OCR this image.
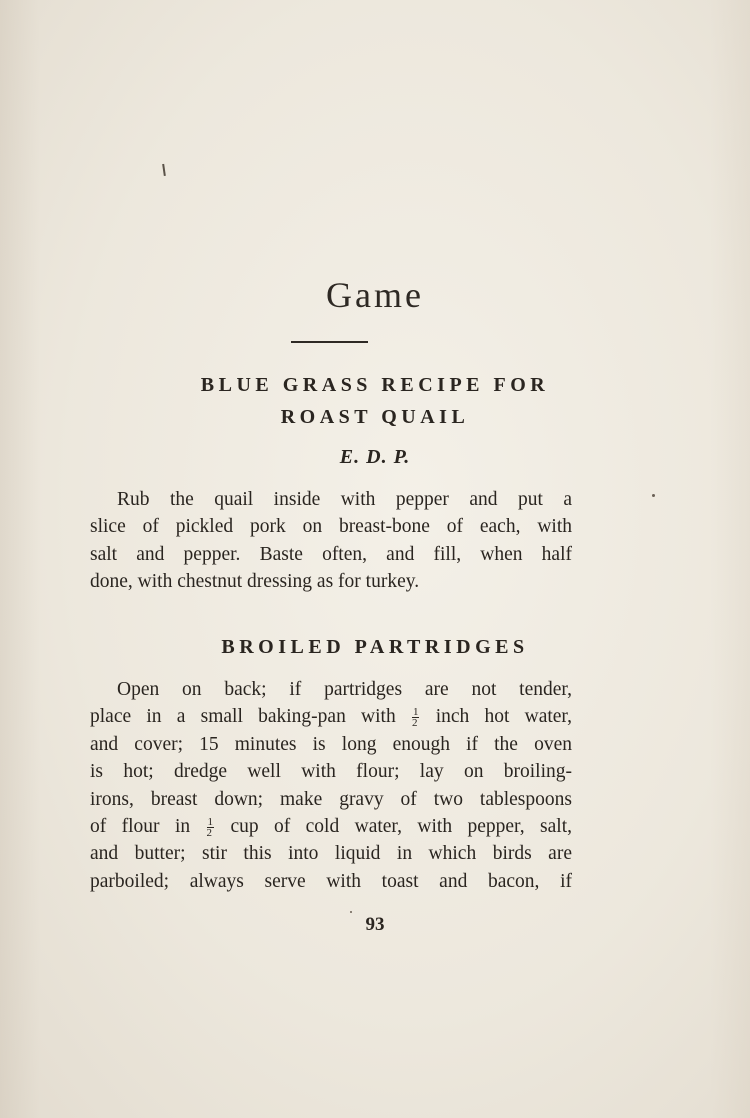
Game
BLUE GRASS RECIPE FOR
ROAST QUAIL
E. D. P.
Rub the quail inside with pepper and put a
slice of pickled pork on breast-bone of each, with
salt and pepper. Baste often, and fill, when half
done, with chestnut dressing as for turkey.
BROILED PARTRIDGES
Open on back; if partridges are not tender,
place in a small baking-pan with $\frac{1}{2}$ inch hot water,
and cover; 15 minutes is long enough if the oven
is hot; dredge well with flour; lay on broiling-
irons, breast down; make gravy of two tablespoons
of flour in $\frac{1}{2}$ cup of cold water, with pepper, salt,
and butter; stir this into liquid in which birds are
parboiled; always serve with toast and bacon, if
93
